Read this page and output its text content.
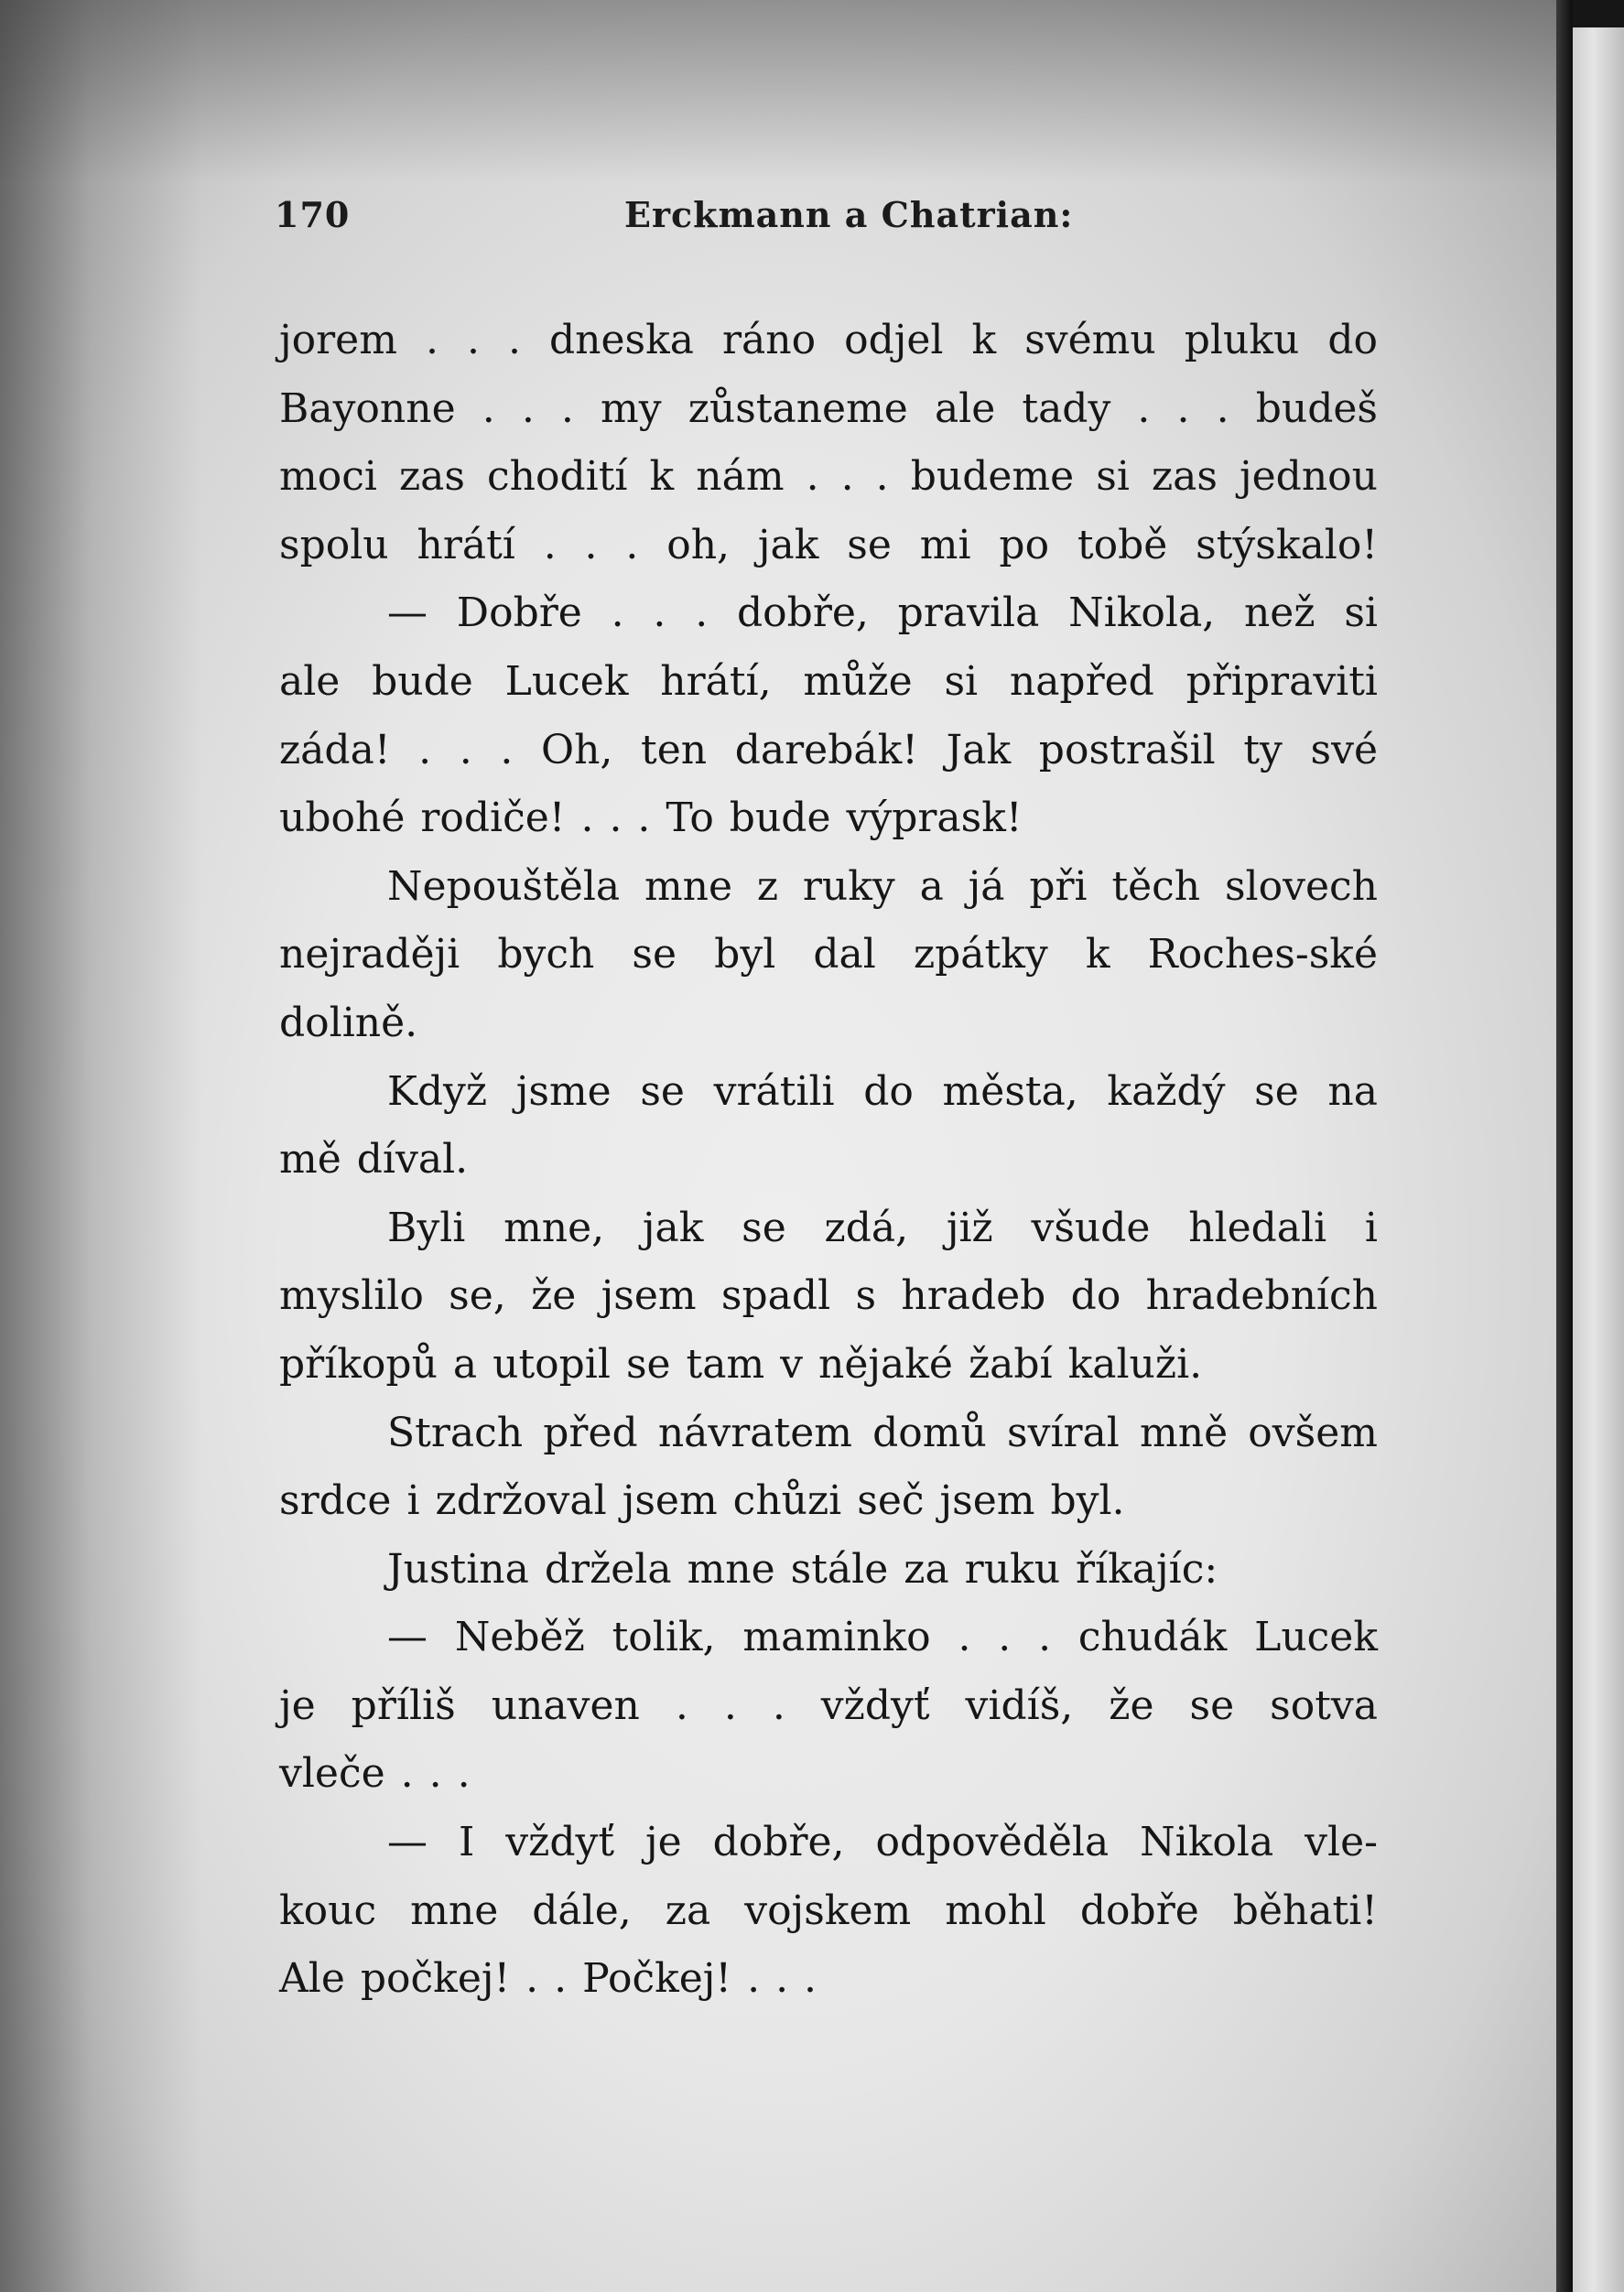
170	Erckmann a Chatrian:
jorem . . . dneska ráno odjel k svému pluku do
Bayonne . . . my zůstaneme ale tady . . . budeš
moci zas chodití k nám . . . budeme si zas jednou
spolu hrátí . . . oh, jak se mi po tobě stýskalo!
— Dobře . . . dobře, pravila Nikola, než si
ale bude Lucek hrátí, může si napřed připraviti
záda! . . . Oh, ten darebák! Jak postrašil ty své
ubohé rodiče! . . . To bude výprask!
Nepouštěla mne z ruky a já při těch slovech
nejraději bych se byl dal zpátky k Roches-ské
dolině.
Když jsme se vrátili do města, každý se na
mě díval.
Byli mne, jak se zdá, již všude hledali i
myslilo se, že jsem spadl s hradeb do hradebních
příkopů a utopil se tam v nějaké žabí kaluži.
Strach před návratem domů svíral mně ovšem
srdce i zdržoval jsem chůzi seč jsem byl.
Justina držela mne stále za ruku říkajíc:
— Neběž tolik, maminko . . . chudák Lucek
je příliš unaven . . . vždyť vidíš, že se sotva
vleče . . .
— I vždyť je dobře, odpověděla Nikola vle-
kouc mne dále, za vojskem mohl dobře běhati!
Ale počkej! . . Počkej! . . .
